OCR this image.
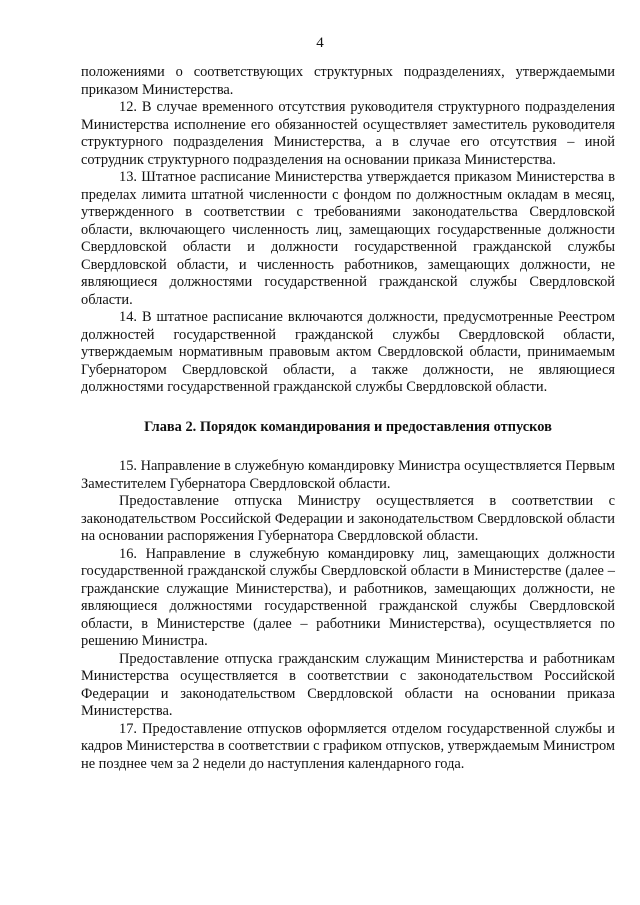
4

положениями о соответствующих структурных подразделениях, утверждаемыми приказом Министерства.

12. В случае временного отсутствия руководителя структурного подразделения Министерства исполнение его обязанностей осуществляет заместитель руководителя структурного подразделения Министерства, а в случае его отсутствия – иной сотрудник структурного подразделения на основании приказа Министерства.

13. Штатное расписание Министерства утверждается приказом Министерства в пределах лимита штатной численности с фондом по должностным окладам в месяц, утвержденного в соответствии с требованиями законодательства Свердловской области, включающего численность лиц, замещающих государственные должности Свердловской области и должности государственной гражданской службы Свердловской области, и численность работников, замещающих должности, не являющиеся должностями государственной гражданской службы Свердловской области.

14. В штатное расписание включаются должности, предусмотренные Реестром должностей государственной гражданской службы Свердловской области, утверждаемым нормативным правовым актом Свердловской области, принимаемым Губернатором Свердловской области, а также должности, не являющиеся должностями государственной гражданской службы Свердловской области.

Глава 2. Порядок командирования и предоставления отпусков

15. Направление в служебную командировку Министра осуществляется Первым Заместителем Губернатора Свердловской области.

Предоставление отпуска Министру осуществляется в соответствии с законодательством Российской Федерации и законодательством Свердловской области на основании распоряжения Губернатора Свердловской области.

16. Направление в служебную командировку лиц, замещающих должности государственной гражданской службы Свердловской области в Министерстве (далее – гражданские служащие Министерства), и работников, замещающих должности, не являющиеся должностями государственной гражданской службы Свердловской области, в Министерстве (далее – работники Министерства), осуществляется по решению Министра.

Предоставление отпуска гражданским служащим Министерства и работникам Министерства осуществляется в соответствии с законодательством Российской Федерации и законодательством Свердловской области на основании приказа Министерства.

17. Предоставление отпусков оформляется отделом государственной службы и кадров Министерства в соответствии с графиком отпусков, утверждаемым Министром не позднее чем за 2 недели до наступления календарного года.
